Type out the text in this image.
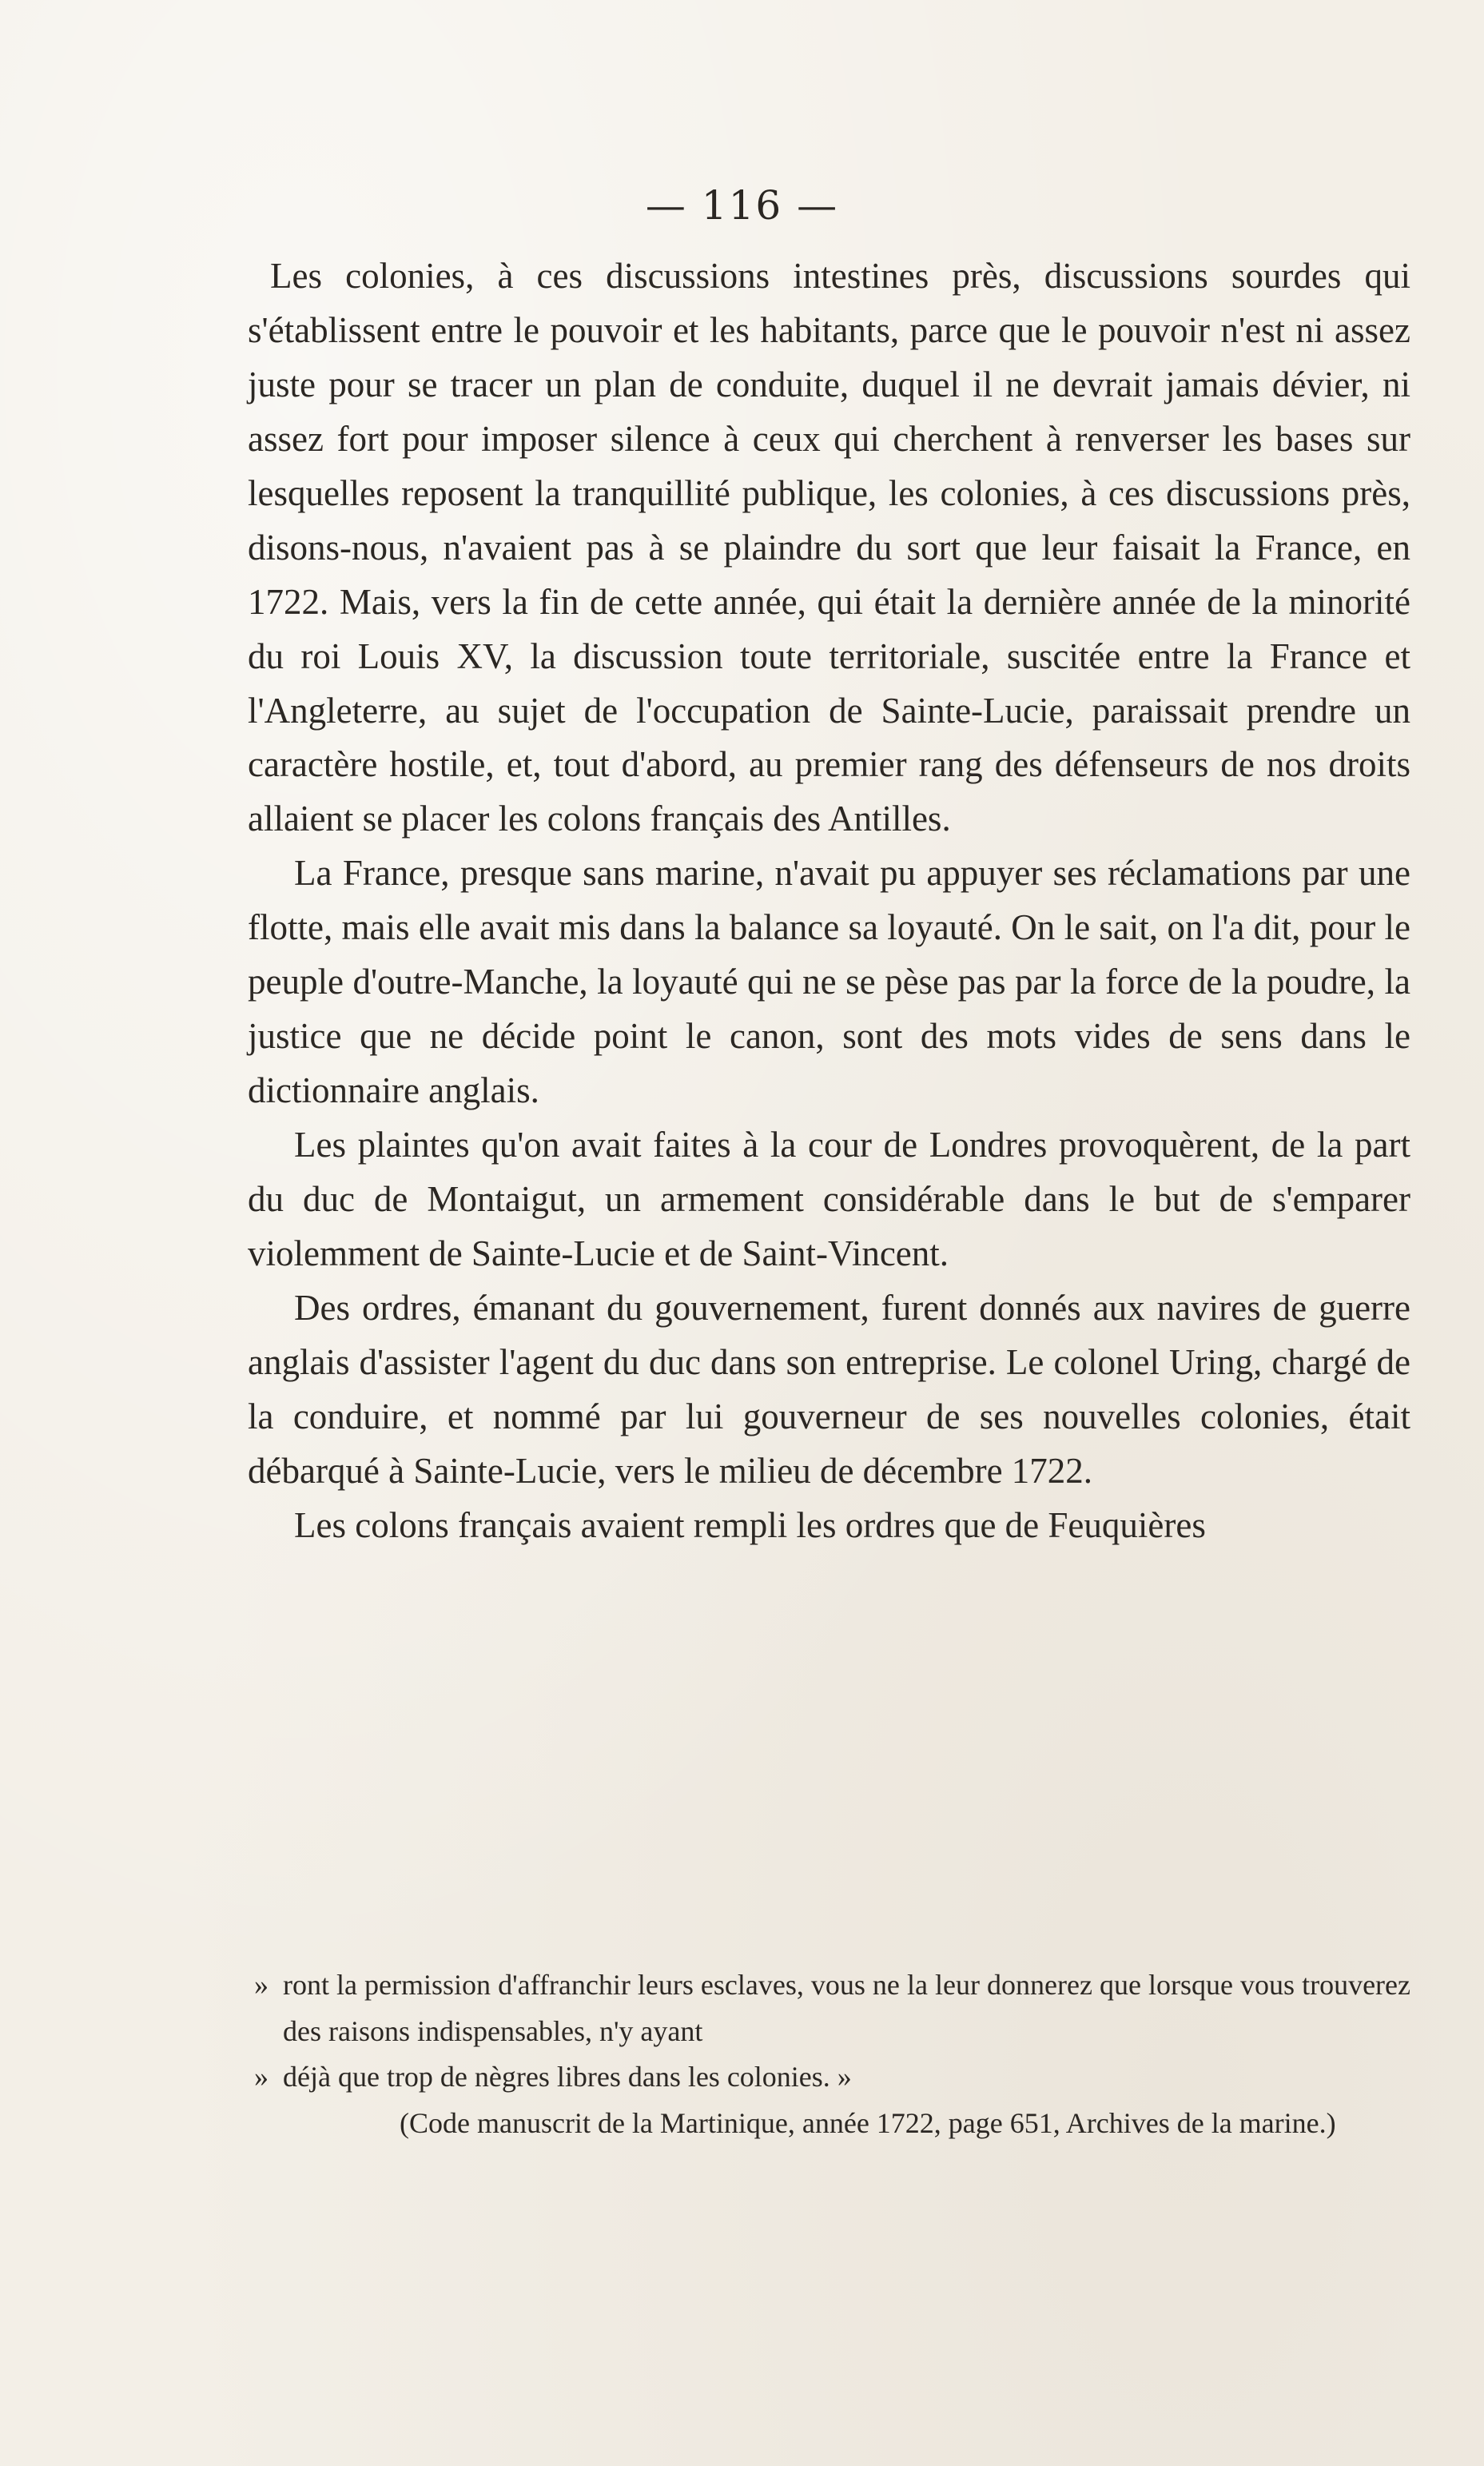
— 116 —

Les colonies, à ces discussions intestines près, discussions sourdes qui s'établissent entre le pouvoir et les habitants, parce que le pouvoir n'est ni assez juste pour se tracer un plan de conduite, duquel il ne devrait jamais dévier, ni assez fort pour imposer silence à ceux qui cherchent à renverser les bases sur lesquelles reposent la tranquillité publique, les colonies, à ces discussions près, disons-nous, n'avaient pas à se plaindre du sort que leur faisait la France, en 1722. Mais, vers la fin de cette année, qui était la dernière année de la minorité du roi Louis XV, la discussion toute territoriale, suscitée entre la France et l'Angleterre, au sujet de l'occupation de Sainte-Lucie, paraissait prendre un caractère hostile, et, tout d'abord, au premier rang des défenseurs de nos droits allaient se placer les colons français des Antilles.

La France, presque sans marine, n'avait pu appuyer ses réclamations par une flotte, mais elle avait mis dans la balance sa loyauté. On le sait, on l'a dit, pour le peuple d'outre-Manche, la loyauté qui ne se pèse pas par la force de la poudre, la justice que ne décide point le canon, sont des mots vides de sens dans le dictionnaire anglais.

Les plaintes qu'on avait faites à la cour de Londres provoquèrent, de la part du duc de Montaigut, un armement considérable dans le but de s'emparer violemment de Sainte-Lucie et de Saint-Vincent.

Des ordres, émanant du gouvernement, furent donnés aux navires de guerre anglais d'assister l'agent du duc dans son entreprise. Le colonel Uring, chargé de la conduire, et nommé par lui gouverneur de ses nouvelles colonies, était débarqué à Sainte-Lucie, vers le milieu de décembre 1722.

Les colons français avaient rempli les ordres que de Feuquières

» ront la permission d'affranchir leurs esclaves, vous ne la leur donnerez que lorsque vous trouverez des raisons indispensables, n'y ayant
» déjà que trop de nègres libres dans les colonies. »
(Code manuscrit de la Martinique, année 1722, page 651, Archives de la marine.)
